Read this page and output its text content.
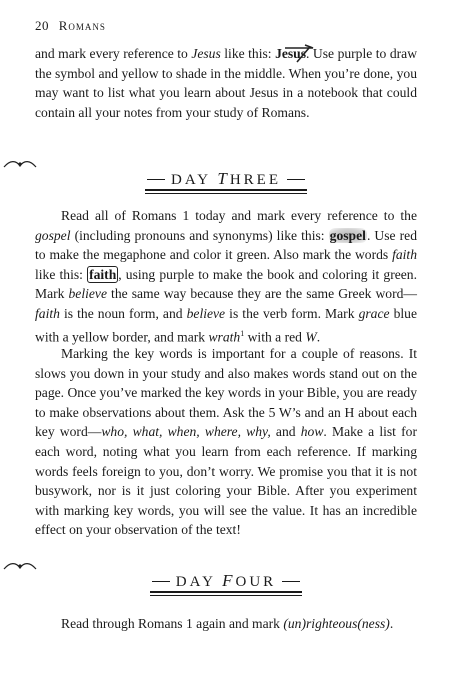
20 Romans

and mark every reference to Jesus like this: Jesus
. Use purple to draw the symbol and yellow to shade in the middle. When you’re done, you may want to list what you learn about Jesus in a notebook that could contain all your notes from your study of Romans.

DAY THREE

Read all of Romans 1 today and mark every reference to the gospel (including pronouns and synonyms) like this: gospel. Use red to make the megaphone and color it green. Also mark the words faith like this: faith , using purple to make the book and coloring it green. Mark believe the same way because they are the same Greek word—faith is the noun form, and believe is the verb form. Mark grace blue with a yellow border, and mark wrath$^1$ with a red W.

Marking the key words is important for a couple of reasons. It slows you down in your study and also makes words stand out on the page. Once you’ve marked the key words in your Bible, you are ready to make observations about them. Ask the 5 W’s and an H about each key word—who, what, when, where, why, and how. Make a list for each word, noting what you learn from each reference. If marking words feels foreign to you, don’t worry. We promise you that it is not busywork, nor is it just coloring your Bible. After you experiment with marking key words, you will see the value. It has an incredible effect on your observation of the text!

DAY FOUR

Read through Romans 1 again and mark (un)righteous(ness).
